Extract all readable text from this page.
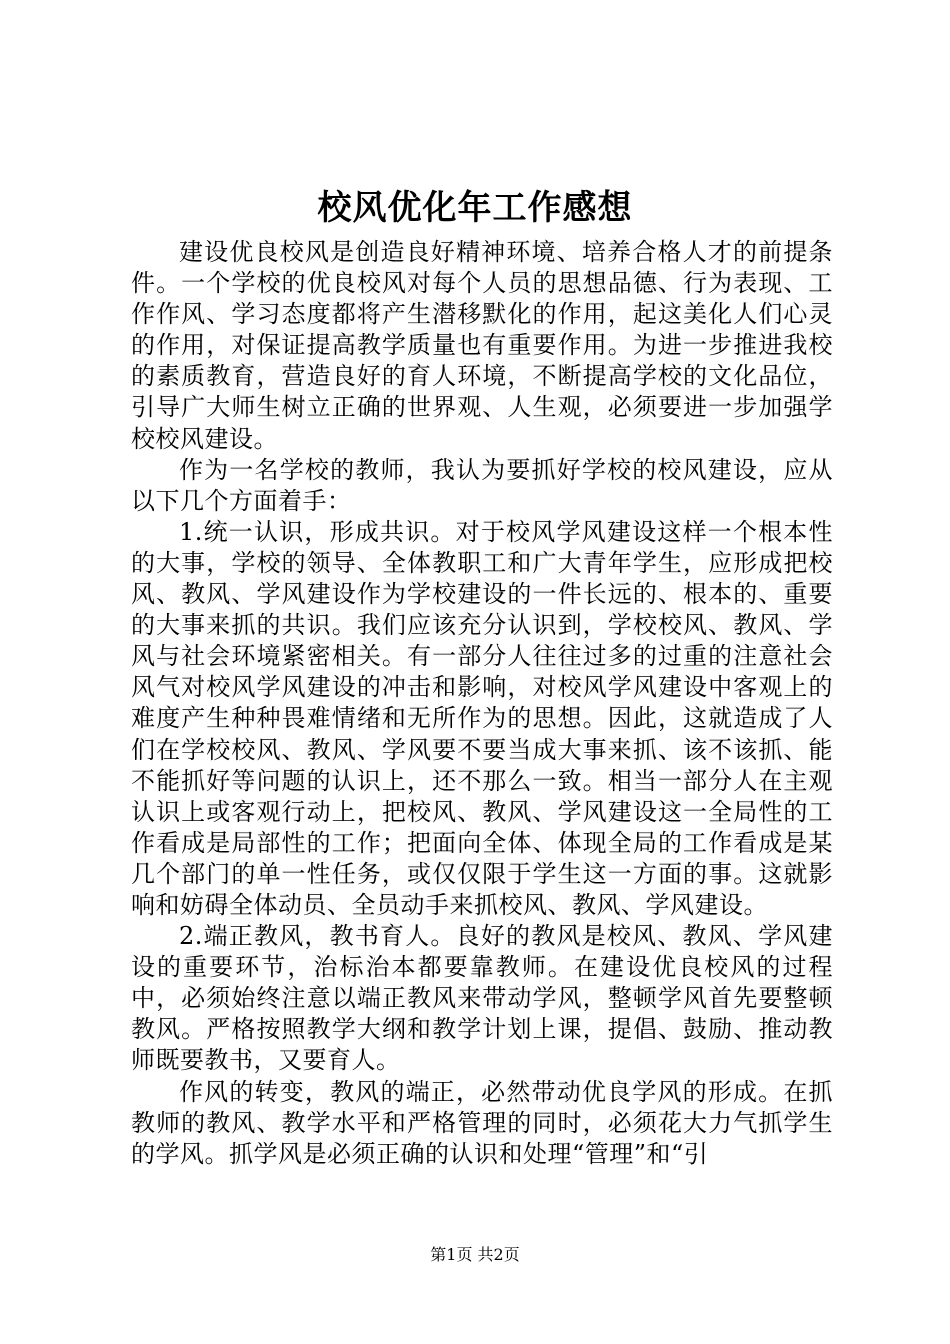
校风优化年工作感想

建设优良校风是创造良好精神环境、培养合格人才的前提条件。一个学校的优良校风对每个人员的思想品德、行为表现、工作作风、学习态度都将产生潜移默化的作用，起这美化人们心灵的作用，对保证提高教学质量也有重要作用。为进一步推进我校的素质教育，营造良好的育人环境，不断提高学校的文化品位，引导广大师生树立正确的世界观、人生观，必须要进一步加强学校校风建设。

作为一名学校的教师，我认为要抓好学校的校风建设，应从以下几个方面着手：

1.统一认识，形成共识。对于校风学风建设这样一个根本性的大事，学校的领导、全体教职工和广大青年学生，应形成把校风、教风、学风建设作为学校建设的一件长远的、根本的、重要的大事来抓的共识。我们应该充分认识到，学校校风、教风、学风与社会环境紧密相关。有一部分人往往过多的过重的注意社会风气对校风学风建设的冲击和影响，对校风学风建设中客观上的难度产生种种畏难情绪和无所作为的思想。因此，这就造成了人们在学校校风、教风、学风要不要当成大事来抓、该不该抓、能不能抓好等问题的认识上，还不那么一致。相当一部分人在主观认识上或客观行动上，把校风、教风、学风建设这一全局性的工作看成是局部性的工作；把面向全体、体现全局的工作看成是某几个部门的单一性任务，或仅仅限于学生这一方面的事。这就影响和妨碍全体动员、全员动手来抓校风、教风、学风建设。

2.端正教风，教书育人。良好的教风是校风、教风、学风建设的重要环节，治标治本都要靠教师。在建设优良校风的过程中，必须始终注意以端正教风来带动学风，整顿学风首先要整顿教风。严格按照教学大纲和教学计划上课，提倡、鼓励、推动教师既要教书，又要育人。

作风的转变，教风的端正，必然带动优良学风的形成。在抓教师的教风、教学水平和严格管理的同时，必须花大力气抓学生的学风。抓学风是必须正确的认识和处理“管理”和“引

第1页 共2页
